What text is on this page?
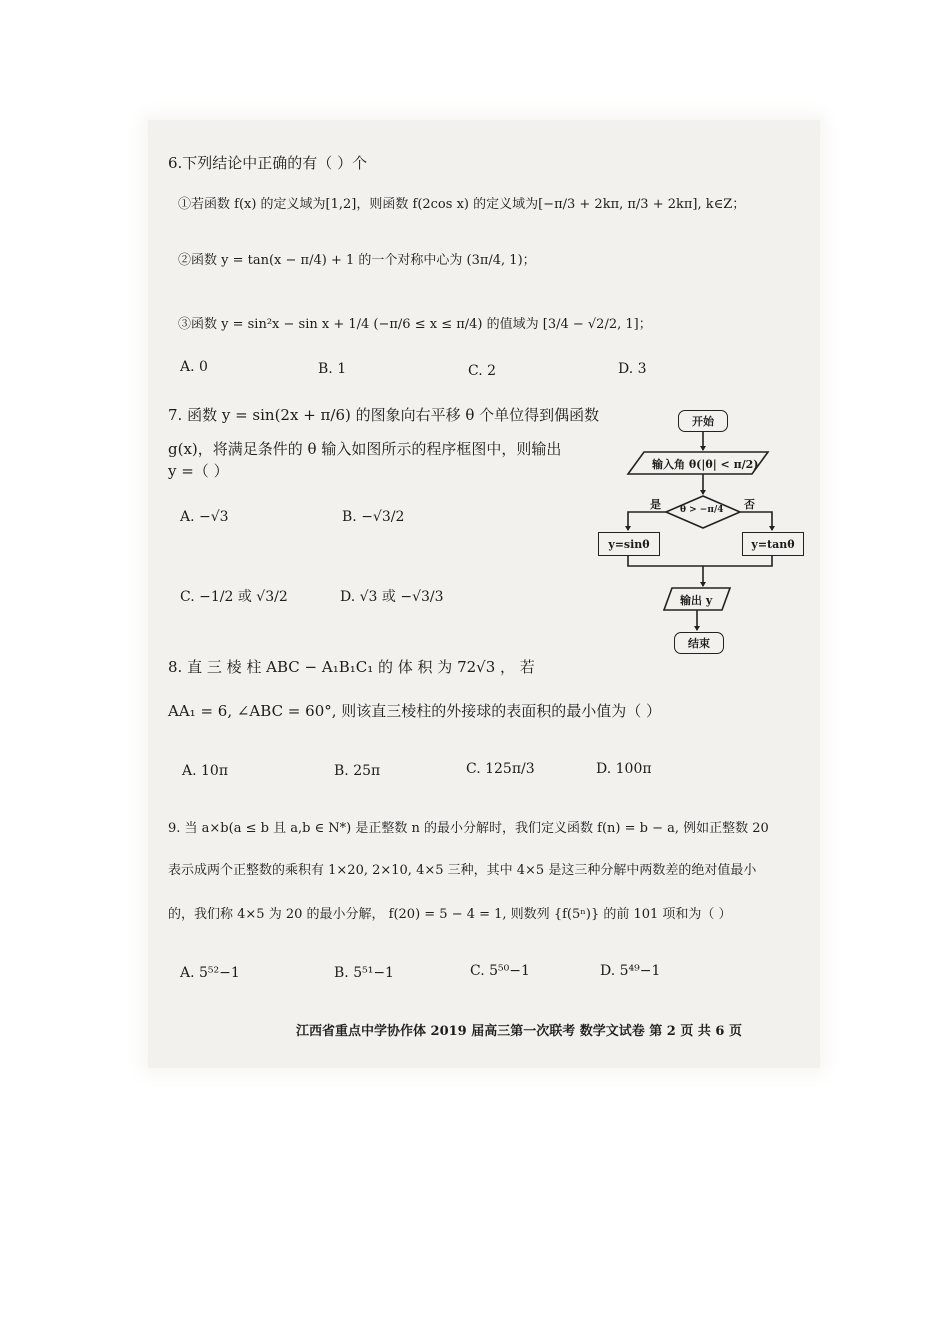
6.下列结论中正确的有（ ）个
①若函数 f(x) 的定义域为[1,2]，则函数 f(2cos x) 的定义域为[−π/3 + 2kπ, π/3 + 2kπ], k∈Z；
②函数 y = tan(x − π/4) + 1 的一个对称中心为 (3π/4, 1)；
③函数 y = sin²x − sin x + 1/4 (−π/6 ≤ x ≤ π/4) 的值域为 [3/4 − √2/2, 1]；
A. 0	B. 1	C. 2	D. 3
7. 函数 y = sin(2x + π/6) 的图象向右平移 θ 个单位得到偶函数
g(x)，将满足条件的 θ 输入如图所示的程序框图中，则输出
y =（ ）
A. −√3	B. −√3/2
C. −1/2 或 √3/2	D. √3 或 −√3/3
开始
输入角 θ(|θ| < π/2)
θ > −π/4
是	否
y=sinθ	y=tanθ
输出 y
结束
8. 直 三 棱 柱 ABC − A₁B₁C₁ 的 体 积 为 72√3 ， 若
AA₁ = 6, ∠ABC = 60°, 则该直三棱柱的外接球的表面积的最小值为（ ）
A. 10π	B. 25π	C. 125π/3	D. 100π
9. 当 a×b(a ≤ b 且 a,b ∈ N*) 是正整数 n 的最小分解时，我们定义函数 f(n) = b − a, 例如正整数 20
表示成两个正整数的乘积有 1×20, 2×10, 4×5 三种，其中 4×5 是这三种分解中两数差的绝对值最小
的，我们称 4×5 为 20 的最小分解， f(20) = 5 − 4 = 1, 则数列 {f(5ⁿ)} 的前 101 项和为（ ）
A. 5⁵²−1	B. 5⁵¹−1	C. 5⁵⁰−1	D. 5⁴⁹−1
江西省重点中学协作体 2019 届高三第一次联考 数学文试卷 第 2 页 共 6 页
